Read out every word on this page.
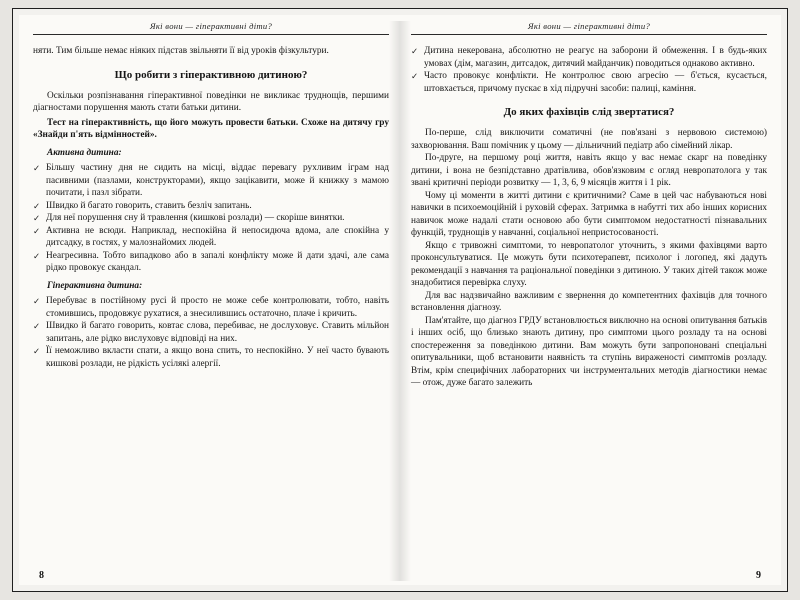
Які вони — гіперактивні діти?
няти. Тим більше немає ніяких підстав звільняти її від уроків фізкультури.
Що робити з гіперактивною дитиною?
Оскільки розпізнавання гіперактивної поведінки не викликає труднощів, першими діагностами порушення мають стати батьки дитини.
Тест на гіперактивність, що його можуть провести батьки. Схоже на дитячу гру «Знайди п'ять відмінностей».
Активна дитина:
✓ Більшу частину дня не сидить на місці, віддає перевагу рухливим іграм над пасивними (пазлами, конструкторами), якщо зацікавити, може й книжку з мамою почитати, і пазл зібрати.
✓ Швидко й багато говорить, ставить безліч запитань.
✓ Для неї порушення сну й травлення (кишкові розлади) — скоріше винятки.
✓ Активна не всюди. Наприклад, неспокійна й непосидюча вдома, але спокійна у дитсадку, в гостях, у малознайомих людей.
✓ Неагресивна. Тобто випадково або в запалі конфлікту може й дати здачі, але сама рідко провокує скандал.
Гіперактивна дитина:
✓ Перебуває в постійному русі й просто не може себе контролювати, тобто, навіть стомившись, продовжує рухатися, а знесилившись остаточно, плаче і кричить.
✓ Швидко й багато говорить, ковтає слова, перебиває, не дослуховує. Ставить мільйон запитань, але рідко вислуховує відповіді на них.
✓ Її неможливо вкласти спати, а якщо вона спить, то неспокійно. У неї часто бувають кишкові розлади, не рідкість усілякі алергії.
8
Які вони — гіперактивні діти?
✓ Дитина некерована, абсолютно не реагує на заборони й обмеження. І в будь-яких умовах (дім, магазин, дитсадок, дитячий майданчик) поводиться однаково активно.
✓ Часто провокує конфлікти. Не контролює свою агресію — б'ється, кусається, штовхається, причому пускає в хід підручні засоби: палиці, каміння.
До яких фахівців слід звертатися?
По-перше, слід виключити соматичні (не пов'язані з нервовою системою) захворювання. Ваш помічник у цьому — дільничний педіатр або сімейний лікар.
По-друге, на першому році життя, навіть якщо у вас немає скарг на поведінку дитини, і вона не безпідставно дратівлива, обов'язковим є огляд невропатолога у так звані критичні періоди розвитку — 1, 3, 6, 9 місяців життя і 1 рік.
Чому ці моменти в житті дитини є критичними? Саме в цей час набуваються нові навички в психоемоційній і руховій сферах. Затримка в набутті тих або інших корисних навичок може надалі стати основою або бути симптомом недостатності пізнавальних функцій, труднощів у навчанні, соціальної непристосованості.
Якщо є тривожні симптоми, то невропатолог уточнить, з якими фахівцями варто проконсультуватися. Це можуть бути психотерапевт, психолог і логопед, які дадуть рекомендації з навчання та раціональної поведінки з дитиною. У таких дітей також може знадобитися перевірка слуху.
Для вас надзвичайно важливим є звернення до компетентних фахівців для точного встановлення діагнозу.
Пам'ятайте, що діагноз ГРДУ встановлюється виключно на основі опитування батьків і інших осіб, що близько знають дитину, про симптоми цього розладу та на основі спостереження за поведінкою дитини. Вам можуть бути запропоновані спеціальні опитувальники, щоб встановити наявність та ступінь вираженості симптомів розладу. Втім, крім специфічних лабораторних чи інструментальних методів діагностики немає — отож, дуже багато залежить
9
